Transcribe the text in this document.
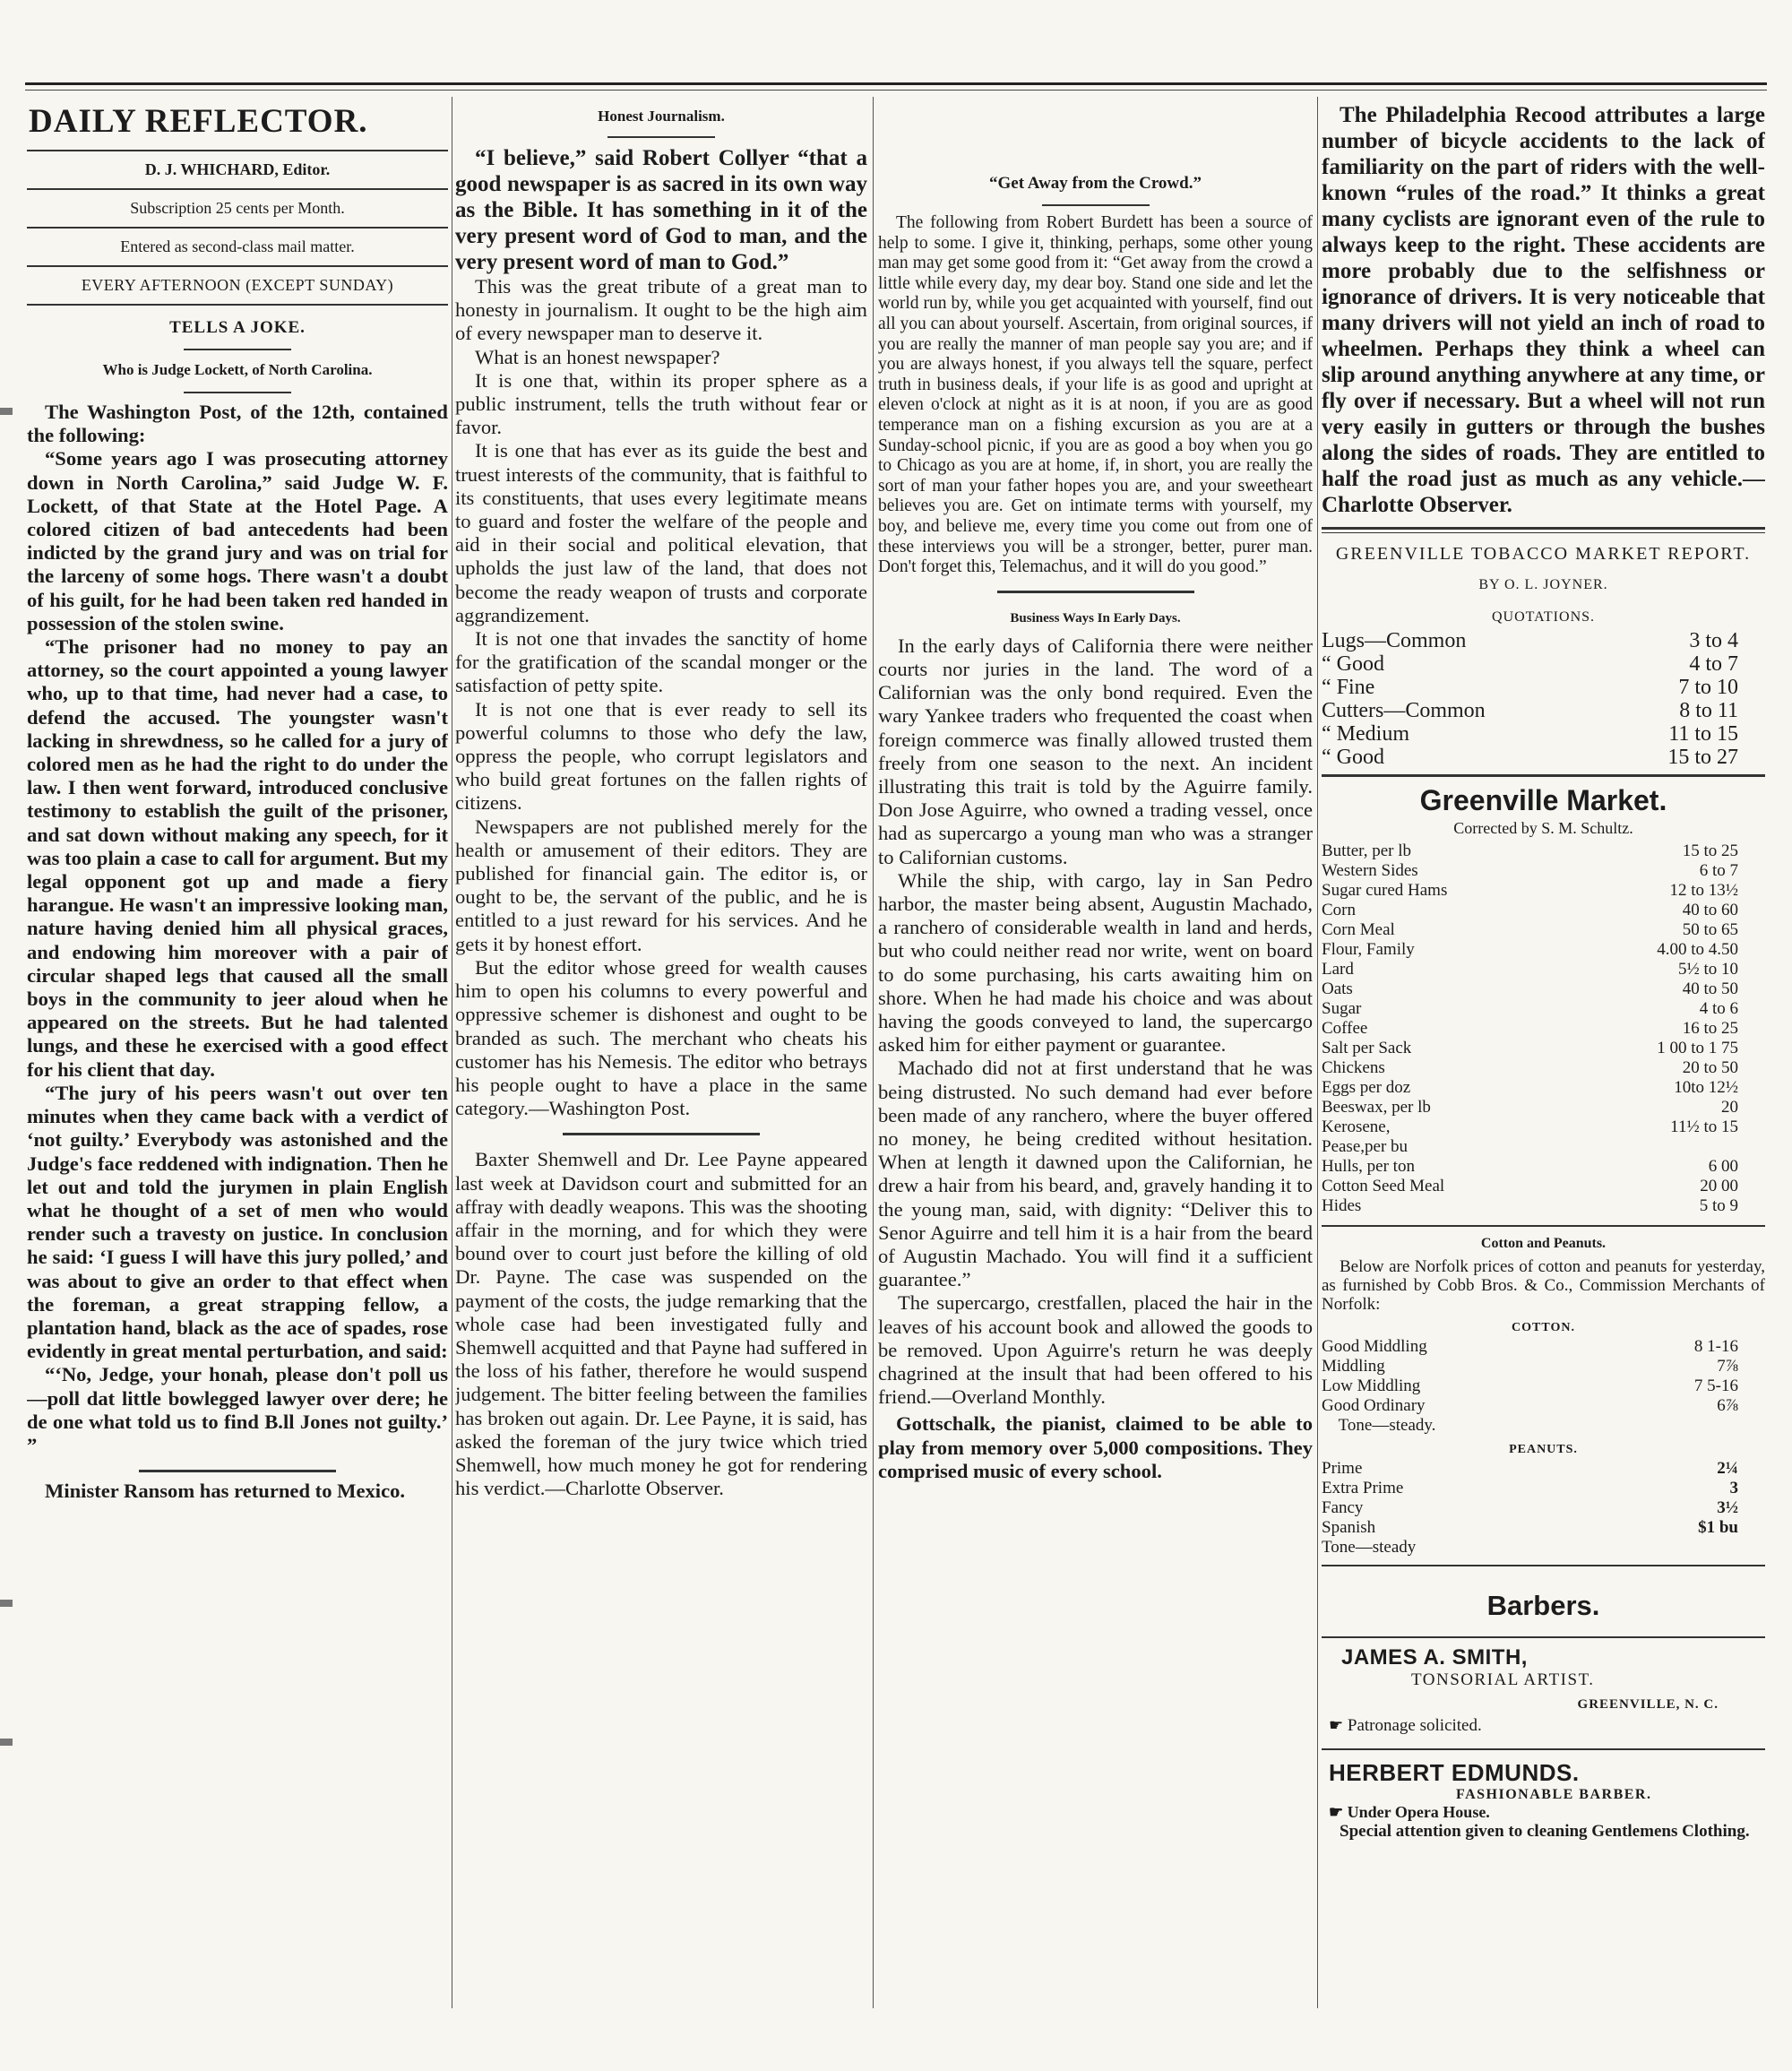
DAILY REFLECTOR.
D. J. WHICHARD, Editor.
Subscription 25 cents per Month.
Entered as second-class mail matter.
EVERY AFTERNOON (EXCEPT SUNDAY)
TELLS A JOKE.
Who is Judge Lockett, of North Carolina.

The Washington Post, of the 12th, contained the following:

“Some years ago I was prosecuting attorney down in North Carolina,” said Judge W. F. Lockett, of that State at the Hotel Page. A colored citizen of bad antecedents had been indicted by the grand jury and was on trial for the larceny of some hogs. There wasn't a doubt of his guilt, for he had been taken red handed in possession of the stolen swine.

“The prisoner had no money to pay an attorney, so the court appointed a young lawyer who, up to that time, had never had a case, to defend the accused. The youngster wasn't lacking in shrewdness, so he called for a jury of colored men as he had the right to do under the law. I then went forward, introduced conclusive testimony to establish the guilt of the prisoner, and sat down without making any speech, for it was too plain a case to call for argument. But my legal opponent got up and made a fiery harangue. He wasn't an impressive looking man, nature having denied him all physical graces, and endowing him moreover with a pair of circular shaped legs that caused all the small boys in the community to jeer aloud when he appeared on the streets. But he had talented lungs, and these he exercised with a good effect for his client that day.

“The jury of his peers wasn't out over ten minutes when they came back with a verdict of ‘not guilty.’ Everybody was astonished and the Judge's face reddened with indignation. Then he let out and told the jurymen in plain English what he thought of a set of men who would render such a travesty on justice. In conclusion he said: ‘I guess I will have this jury polled,’ and was about to give an order to that effect when the foreman, a great strapping fellow, a plantation hand, black as the ace of spades, rose evidently in great mental perturbation, and said:

“‘No, Jedge, your honah, please don't poll us—poll dat little bowlegged lawyer over dere; he de one what told us to find B.ll Jones not guilty.’ ”

Minister Ransom has returned to Mexico.

Honest Journalism.

“I believe,” said Robert Collyer “that a good newspaper is as sacred in its own way as the Bible. It has something in it of the very present word of God to man, and the very present word of man to God.”

This was the great tribute of a great man to honesty in journalism. It ought to be the high aim of every newspaper man to deserve it.

What is an honest newspaper?

It is one that, within its proper sphere as a public instrument, tells the truth without fear or favor.

It is one that has ever as its guide the best and truest interests of the community, that is faithful to its constituents, that uses every legitimate means to guard and foster the welfare of the people and aid in their social and political elevation, that upholds the just law of the land, that does not become the ready weapon of trusts and corporate aggrandizement.

It is not one that invades the sanctity of home for the gratification of the scandal monger or the satisfaction of petty spite.

It is not one that is ever ready to sell its powerful columns to those who defy the law, oppress the people, who corrupt legislators and who build great fortunes on the fallen rights of citizens.

Newspapers are not published merely for the health or amusement of their editors. They are published for financial gain. The editor is, or ought to be, the servant of the public, and he is entitled to a just reward for his services. And he gets it by honest effort.

But the editor whose greed for wealth causes him to open his columns to every powerful and oppressive schemer is dishonest and ought to be branded as such. The merchant who cheats his customer has his Nemesis. The editor who betrays his people ought to have a place in the same category.—Washington Post.

Baxter Shemwell and Dr. Lee Payne appeared last week at Davidson court and submitted for an affray with deadly weapons. This was the shooting affair in the morning, and for which they were bound over to court just before the killing of old Dr. Payne. The case was suspended on the payment of the costs, the judge remarking that the whole case had been investigated fully and Shemwell acquitted and that Payne had suffered in the loss of his father, therefore he would suspend judgement. The bitter feeling between the families has broken out again. Dr. Lee Payne, it is said, has asked the foreman of the jury twice which tried Shemwell, how much money he got for rendering his verdict.—Charlotte Observer.

“Get Away from the Crowd.”

The following from Robert Burdett has been a source of help to some. I give it, thinking, perhaps, some other young man may get some good from it: “Get away from the crowd a little while every day, my dear boy. Stand one side and let the world run by, while you get acquainted with yourself, find out all you can about yourself. Ascertain, from original sources, if you are really the manner of man people say you are; and if you are always honest, if you always tell the square, perfect truth in business deals, if your life is as good and upright at eleven o'clock at night as it is at noon, if you are as good temperance man on a fishing excursion as you are at a Sunday-school picnic, if you are as good a boy when you go to Chicago as you are at home, if, in short, you are really the sort of man your father hopes you are, and your sweetheart believes you are. Get on intimate terms with yourself, my boy, and believe me, every time you come out from one of these interviews you will be a stronger, better, purer man. Don't forget this, Telemachus, and it will do you good.”

Business Ways In Early Days.

In the early days of California there were neither courts nor juries in the land. The word of a Californian was the only bond required. Even the wary Yankee traders who frequented the coast when foreign commerce was finally allowed trusted them freely from one season to the next. An incident illustrating this trait is told by the Aguirre family. Don Jose Aguirre, who owned a trading vessel, once had as supercargo a young man who was a stranger to Californian customs.

While the ship, with cargo, lay in San Pedro harbor, the master being absent, Augustin Machado, a ranchero of considerable wealth in land and herds, but who could neither read nor write, went on board to do some purchasing, his carts awaiting him on shore. When he had made his choice and was about having the goods conveyed to land, the supercargo asked him for either payment or guarantee.

Machado did not at first understand that he was being distrusted. No such demand had ever before been made of any ranchero, where the buyer offered no money, he being credited without hesitation. When at length it dawned upon the Californian, he drew a hair from his beard, and, gravely handing it to the young man, said, with dignity: “Deliver this to Senor Aguirre and tell him it is a hair from the beard of Augustin Machado. You will find it a sufficient guarantee.”

The supercargo, crestfallen, placed the hair in the leaves of his account book and allowed the goods to be removed. Upon Aguirre's return he was deeply chagrined at the insult that had been offered to his friend.—Overland Monthly.

Gottschalk, the pianist, claimed to be able to play from memory over 5,000 compositions. They comprised music of every school.

The Philadelphia Recood attributes a large number of bicycle accidents to the lack of familiarity on the part of riders with the well-known “rules of the road.” It thinks a great many cyclists are ignorant even of the rule to always keep to the right. These accidents are more probably due to the selfishness or ignorance of drivers. It is very noticeable that many drivers will not yield an inch of road to wheelmen. Perhaps they think a wheel can slip around anything anywhere at any time, or fly over if necessary. But a wheel will not run very easily in gutters or through the bushes along the sides of roads. They are entitled to half the road just as much as any vehicle.—Charlotte Observer.

GREENVILLE TOBACCO MARKET REPORT.
BY O. L. JOYNER.
QUOTATIONS.
Lugs—Common	3 to 4
“ Good	4 to 7
“ Fine	7 to 10
Cutters—Common	8 to 11
“ Medium	11 to 15
“ Good	15 to 27
Greenville Market.
Corrected by S. M. Schultz.
Butter, per lb	15 to 25
Western Sides	6 to 7
Sugar cured Hams	12 to 13½
Corn	40 to 60
Corn Meal	50 to 65
Flour, Family	4.00 to 4.50
Lard	5½ to 10
Oats	40 to 50
Sugar	4 to 6
Coffee	16 to 25
Salt per Sack	1 00 to 1 75
Chickens	20 to 50
Eggs per doz	10to 12½
Beeswax, per lb	20
Kerosene,	11½ to 15
Pease,per bu	
Hulls, per ton	6 00
Cotton Seed Meal	20 00
Hides	5 to 9
Cotton and Peanuts.
Below are Norfolk prices of cotton and peanuts for yesterday, as furnished by Cobb Bros. & Co., Commission Merchants of Norfolk:
COTTON.
Good Middling	8 1-16
Middling	7⅞
Low Middling	7 5-16
Good Ordinary	6⅞
Tone—steady.	
PEANUTS.
Prime	2¼
Extra Prime	3
Fancy	3½
Spanish	$1 bu
Tone—steady	
Barbers.
JAMES A. SMITH,
TONSORIAL ARTIST.
GREENVILLE, N. C.
☛ Patronage solicited.
HERBERT EDMUNDS.
FASHIONABLE BARBER.
☛ Under Opera House.
Special attention given to cleaning Gentlemens Clothing.
